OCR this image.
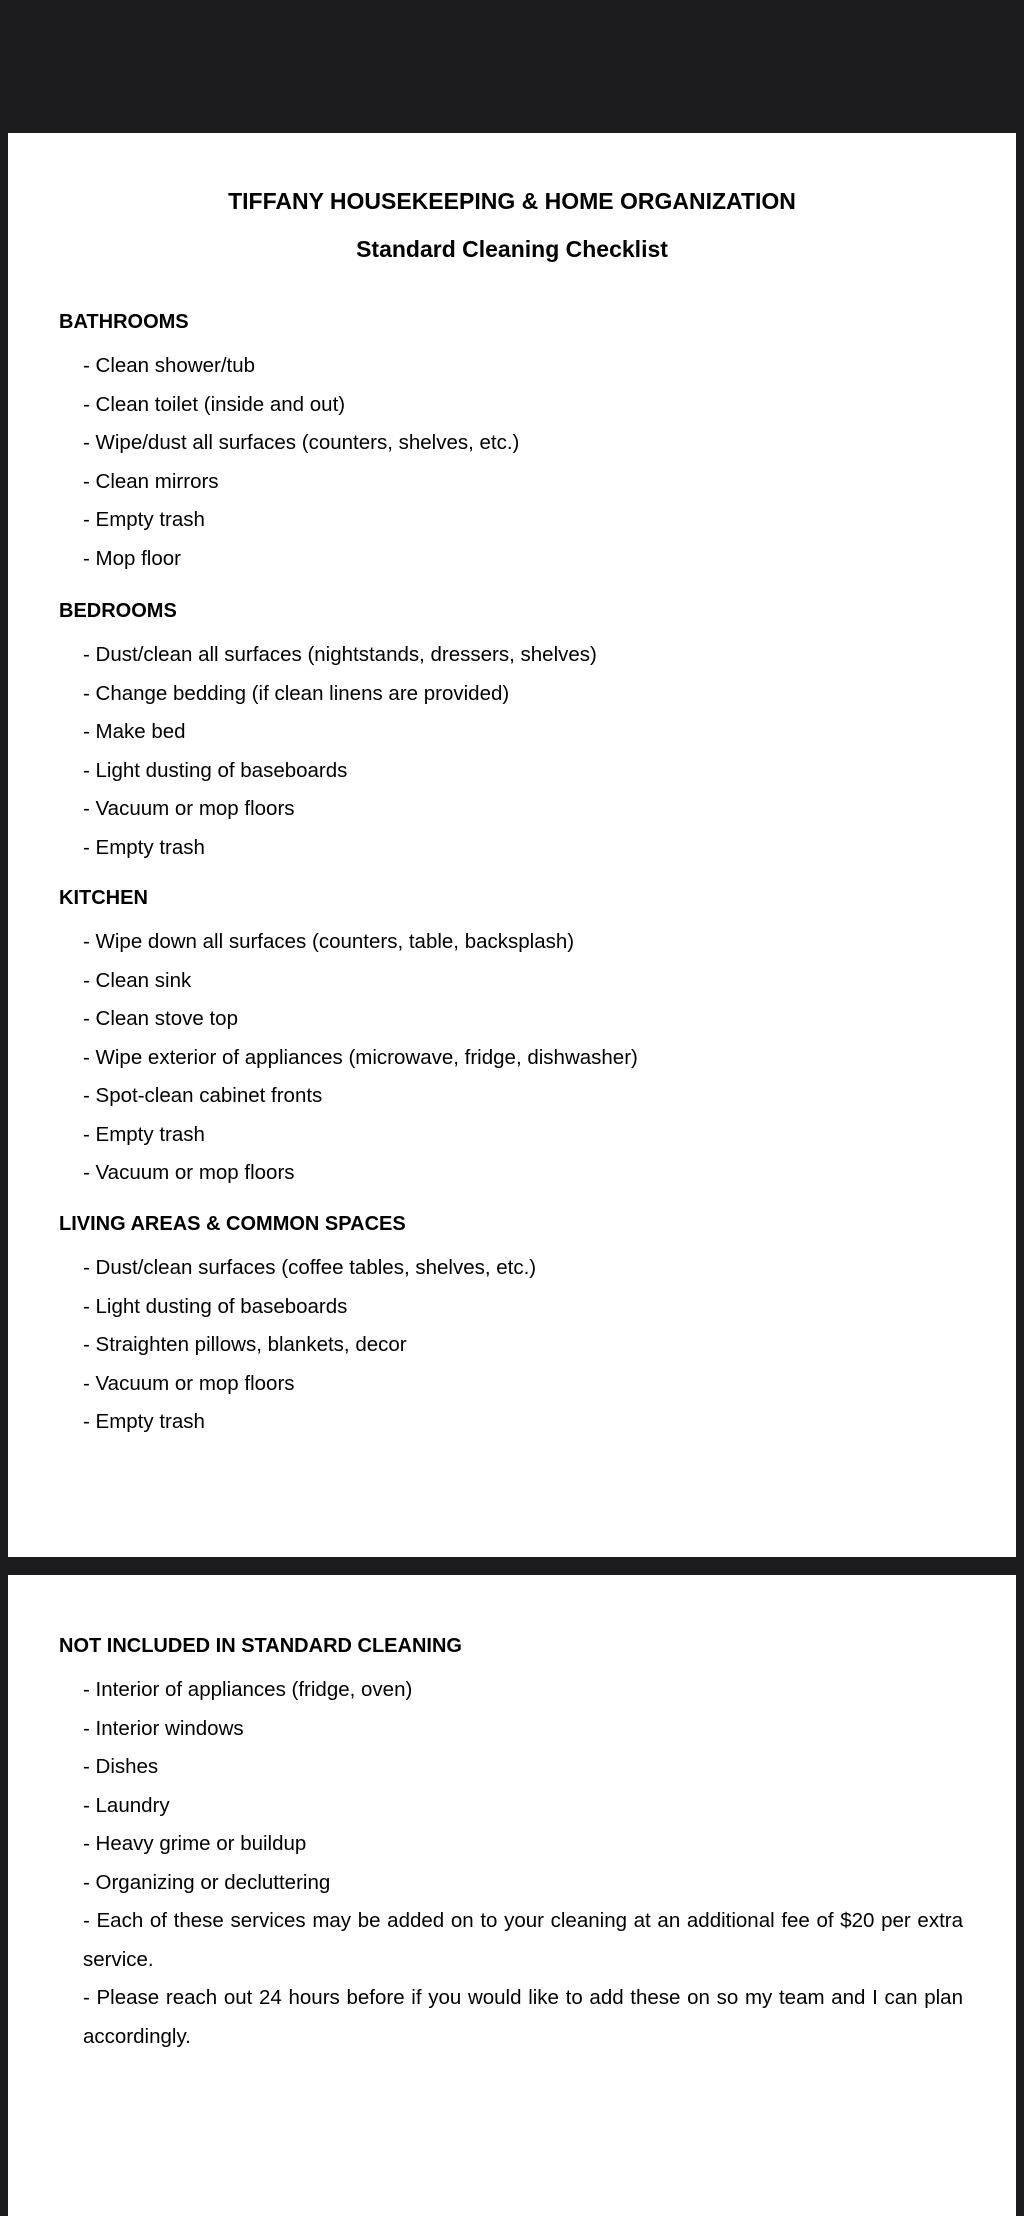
TIFFANY HOUSEKEEPING & HOME ORGANIZATION
Standard Cleaning Checklist
BATHROOMS
- Clean shower/tub
- Clean toilet (inside and out)
- Wipe/dust all surfaces (counters, shelves, etc.)
- Clean mirrors
- Empty trash
- Mop floor
BEDROOMS
- Dust/clean all surfaces (nightstands, dressers, shelves)
- Change bedding (if clean linens are provided)
- Make bed
- Light dusting of baseboards
- Vacuum or mop floors
- Empty trash
KITCHEN
- Wipe down all surfaces (counters, table, backsplash)
- Clean sink
- Clean stove top
- Wipe exterior of appliances (microwave, fridge, dishwasher)
- Spot-clean cabinet fronts
- Empty trash
- Vacuum or mop floors
LIVING AREAS & COMMON SPACES
- Dust/clean surfaces (coffee tables, shelves, etc.)
- Light dusting of baseboards
- Straighten pillows, blankets, decor
- Vacuum or mop floors
- Empty trash
NOT INCLUDED IN STANDARD CLEANING
- Interior of appliances (fridge, oven)
- Interior windows
- Dishes
- Laundry
- Heavy grime or buildup
- Organizing or decluttering

- Each of these services may be added on to your cleaning at an additional fee of $20 per extra service.

- Please reach out 24 hours before if you would like to add these on so my team and I can plan accordingly.
